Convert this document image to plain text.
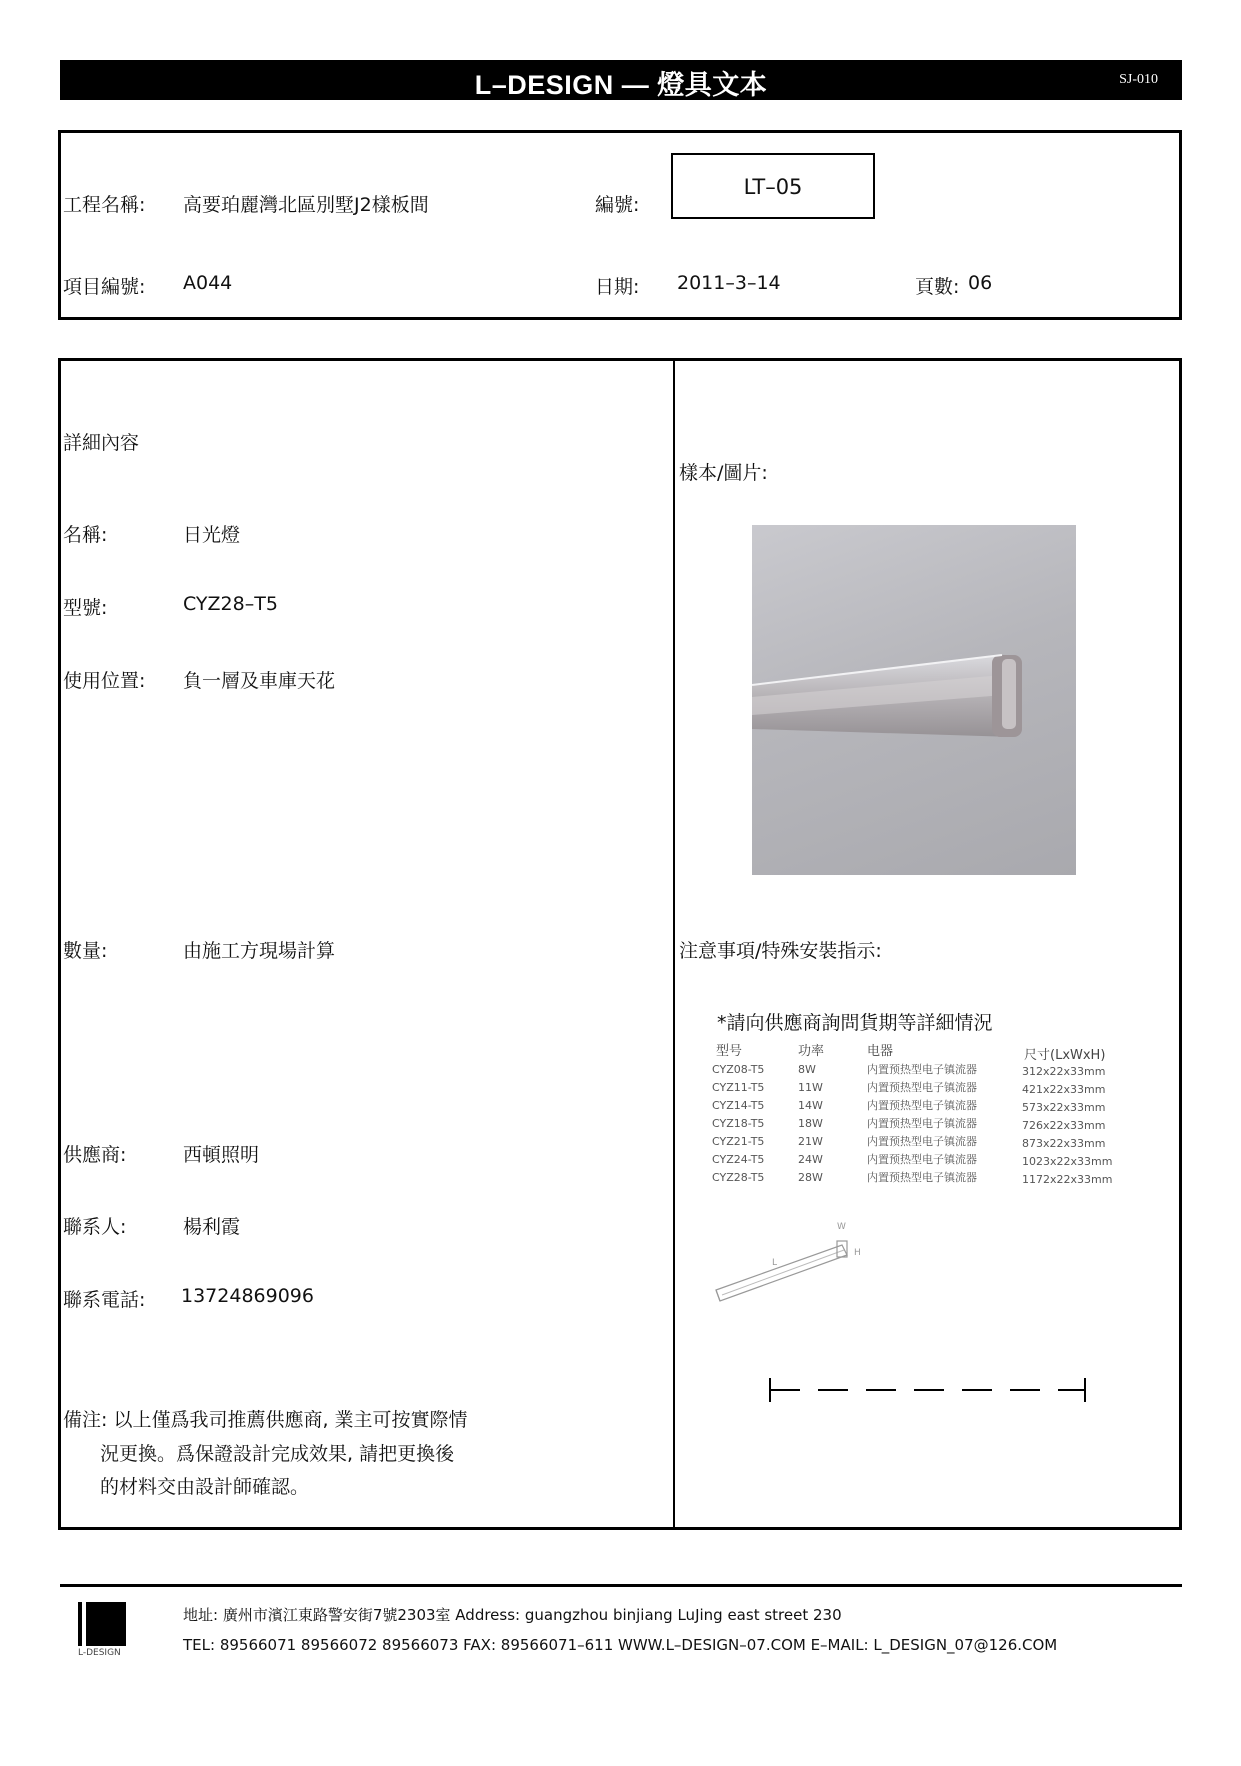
L–DESIGN — 燈具文本	SJ-010
工程名稱: 高要珀麗灣北區別墅J2樣板間	編號:
LT–05
項目編號: A044	日期: 2011–3–14	頁數: 06
詳細內容
名稱:	日光燈
型號:	CYZ28–T5
使用位置: 負一層及車庫天花
數量:	由施工方現場計算
供應商:	西頓照明
聯系人:	楊利霞
聯系電話: 13724869096
備注: 以上僅爲我司推薦供應商, 業主可按實際情
況更換。爲保證設計完成效果, 請把更換後
的材料交由設計師確認。
樣本/圖片:
注意事項/特殊安裝指示:
*請向供應商詢問貨期等詳細情況
型号	功率	电器	尺寸(LxWxH)
CYZ08-T5	8W	内置预热型电子镇流器	312x22x33mm
CYZ11-T5	11W	内置预热型电子镇流器	421x22x33mm
CYZ14-T5	14W	内置预热型电子镇流器	573x22x33mm
CYZ18-T5	18W	内置预热型电子镇流器	726x22x33mm
CYZ21-T5	21W	内置预热型电子镇流器	873x22x33mm
CYZ24-T5	24W	内置预热型电子镇流器	1023x22x33mm
CYZ28-T5	28W	内置预热型电子镇流器	1172x22x33mm
W
H
L
L-DESIGN
地址: 廣州市濱江東路警安街7號2303室 Address: guangzhou binjiang LuJing east street 230
TEL: 89566071 89566072 89566073 FAX: 89566071–611 WWW.L–DESIGN–07.COM E–MAIL: L_DESIGN_07@126.COM
